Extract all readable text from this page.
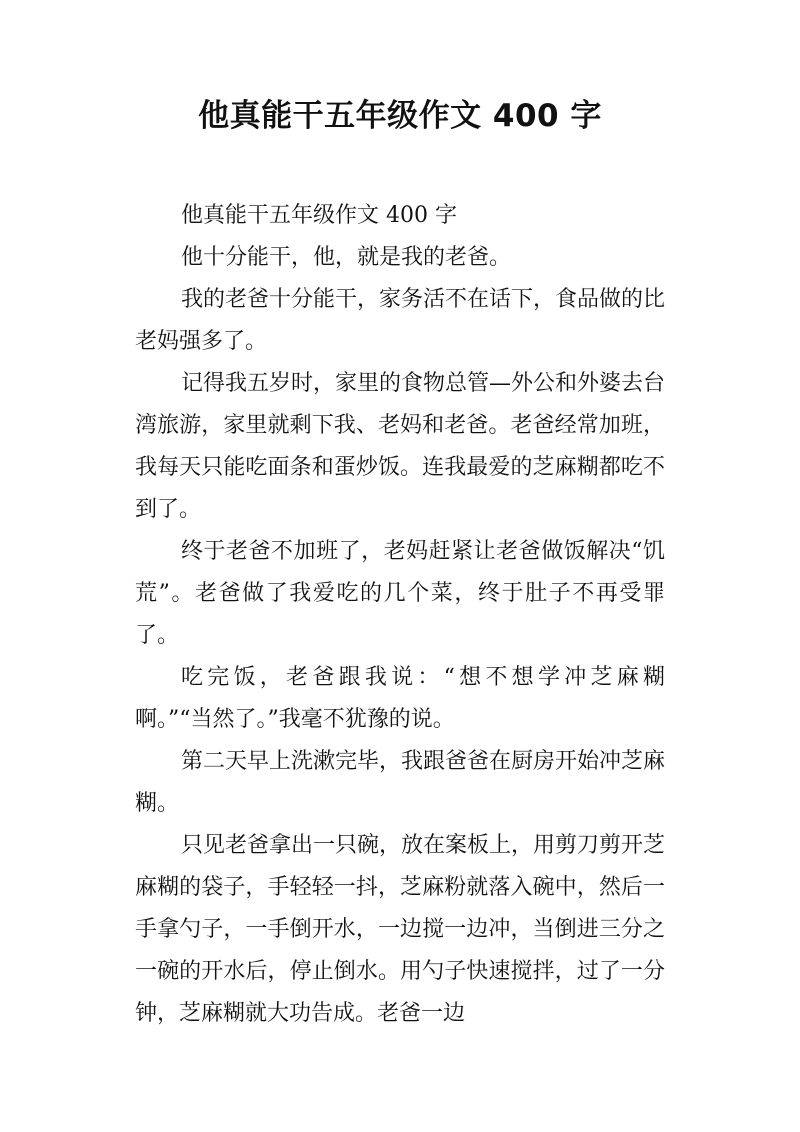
他真能干五年级作文 400 字

他真能干五年级作文 400 字

他十分能干，他，就是我的老爸。

我的老爸十分能干，家务活不在话下，食品做的比老妈强多了。

记得我五岁时，家里的食物总管—外公和外婆去台湾旅游，家里就剩下我、老妈和老爸。老爸经常加班，我每天只能吃面条和蛋炒饭。连我最爱的芝麻糊都吃不到了。

终于老爸不加班了，老妈赶紧让老爸做饭解决“饥荒”。老爸做了我爱吃的几个菜，终于肚子不再受罪了。

吃完饭，老爸跟我说：“想不想学冲芝麻糊啊。”“当然了。”我毫不犹豫的说。

第二天早上洗漱完毕，我跟爸爸在厨房开始冲芝麻糊。

只见老爸拿出一只碗，放在案板上，用剪刀剪开芝麻糊的袋子，手轻轻一抖，芝麻粉就落入碗中，然后一手拿勺子，一手倒开水，一边搅一边冲，当倒进三分之一碗的开水后，停止倒水。用勺子快速搅拌，过了一分钟，芝麻糊就大功告成。老爸一边
